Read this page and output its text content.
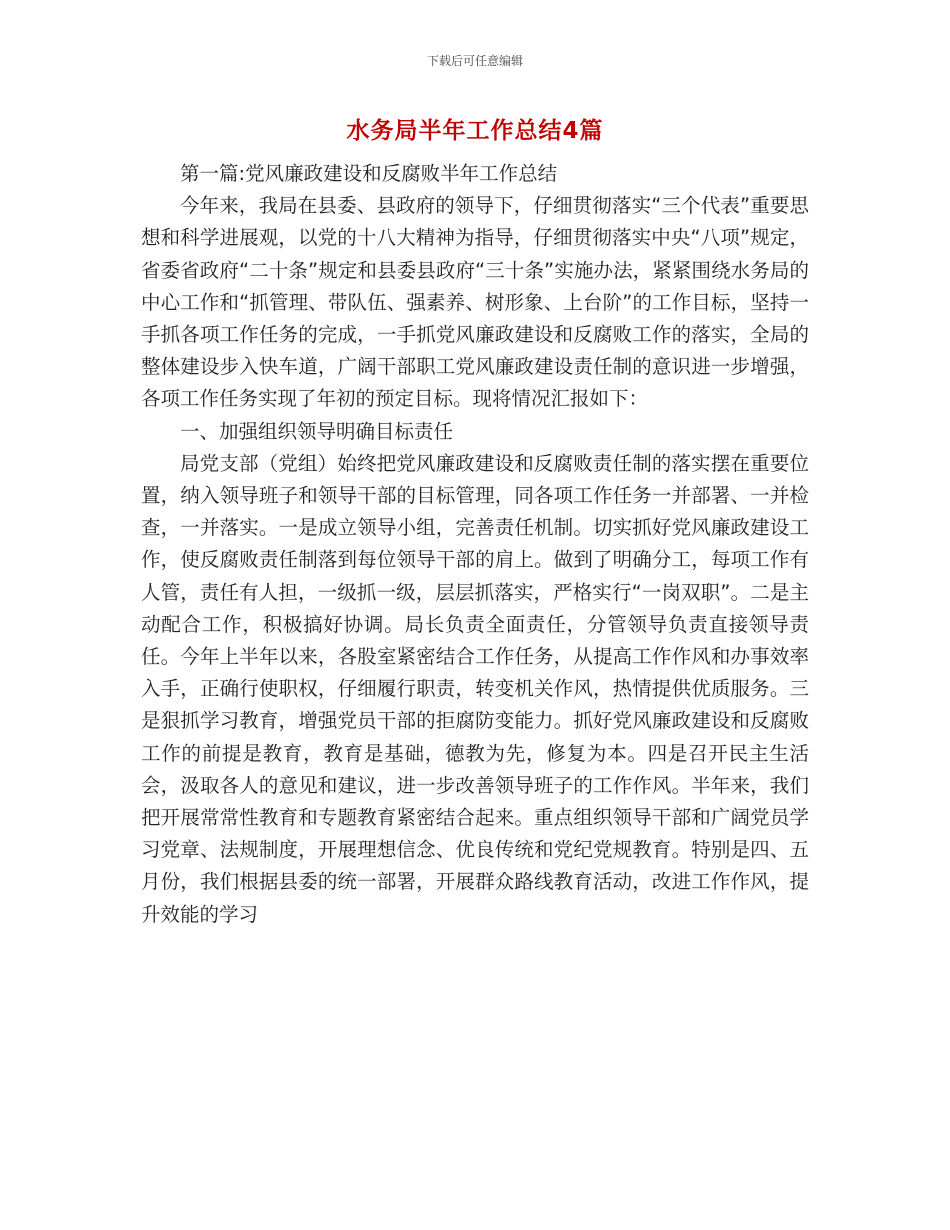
下载后可任意编辑
水务局半年工作总结4篇

第一篇:党风廉政建设和反腐败半年工作总结

今年来，我局在县委、县政府的领导下，仔细贯彻落实“三个代表”重要思想和科学进展观，以党的十八大精神为指导，仔细贯彻落实中央“八项”规定，省委省政府“二十条”规定和县委县政府“三十条”实施办法，紧紧围绕水务局的中心工作和“抓管理、带队伍、强素养、树形象、上台阶”的工作目标，坚持一手抓各项工作任务的完成，一手抓党风廉政建设和反腐败工作的落实，全局的整体建设步入快车道，广阔干部职工党风廉政建设责任制的意识进一步增强，各项工作任务实现了年初的预定目标。现将情况汇报如下：

一、加强组织领导明确目标责任

局党支部（党组）始终把党风廉政建设和反腐败责任制的落实摆在重要位置，纳入领导班子和领导干部的目标管理，同各项工作任务一并部署、一并检查，一并落实。一是成立领导小组，完善责任机制。切实抓好党风廉政建设工作，使反腐败责任制落到每位领导干部的肩上。做到了明确分工，每项工作有人管，责任有人担，一级抓一级，层层抓落实，严格实行“一岗双职”。二是主动配合工作，积极搞好协调。局长负责全面责任，分管领导负责直接领导责任。今年上半年以来，各股室紧密结合工作任务，从提高工作作风和办事效率入手，正确行使职权，仔细履行职责，转变机关作风，热情提供优质服务。三是狠抓学习教育，增强党员干部的拒腐防变能力。抓好党风廉政建设和反腐败工作的前提是教育，教育是基础，德教为先，修复为本。四是召开民主生活会，汲取各人的意见和建议，进一步改善领导班子的工作作风。半年来，我们把开展常常性教育和专题教育紧密结合起来。重点组织领导干部和广阔党员学习党章、法规制度，开展理想信念、优良传统和党纪党规教育。特别是四、五月份，我们根据县委的统一部署，开展群众路线教育活动，改进工作作风，提升效能的学习
